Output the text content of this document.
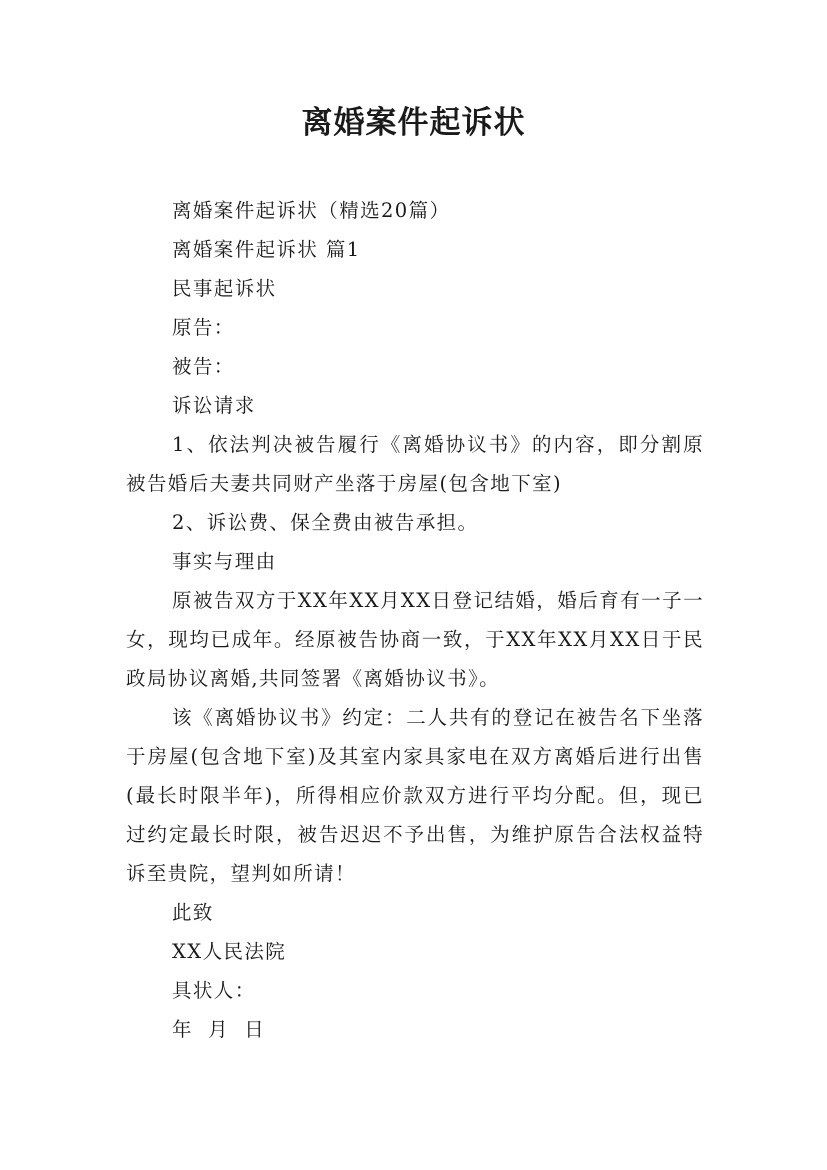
离婚案件起诉状

离婚案件起诉状（精选20篇）

离婚案件起诉状 篇1

民事起诉状

原告：

被告：

诉讼请求

1、依法判决被告履行《离婚协议书》的内容，即分割原被告婚后夫妻共同财产坐落于房屋(包含地下室)

2、诉讼费、保全费由被告承担。

事实与理由

原被告双方于XX年XX月XX日登记结婚，婚后育有一子一女，现均已成年。经原被告协商一致，于XX年XX月XX日于民政局协议离婚,共同签署《离婚协议书》。

该《离婚协议书》约定：二人共有的登记在被告名下坐落于房屋(包含地下室)及其室内家具家电在双方离婚后进行出售(最长时限半年)，所得相应价款双方进行平均分配。但，现已过约定最长时限，被告迟迟不予出售，为维护原告合法权益特诉至贵院，望判如所请！

此致

XX人民法院

具状人：

年  月  日
